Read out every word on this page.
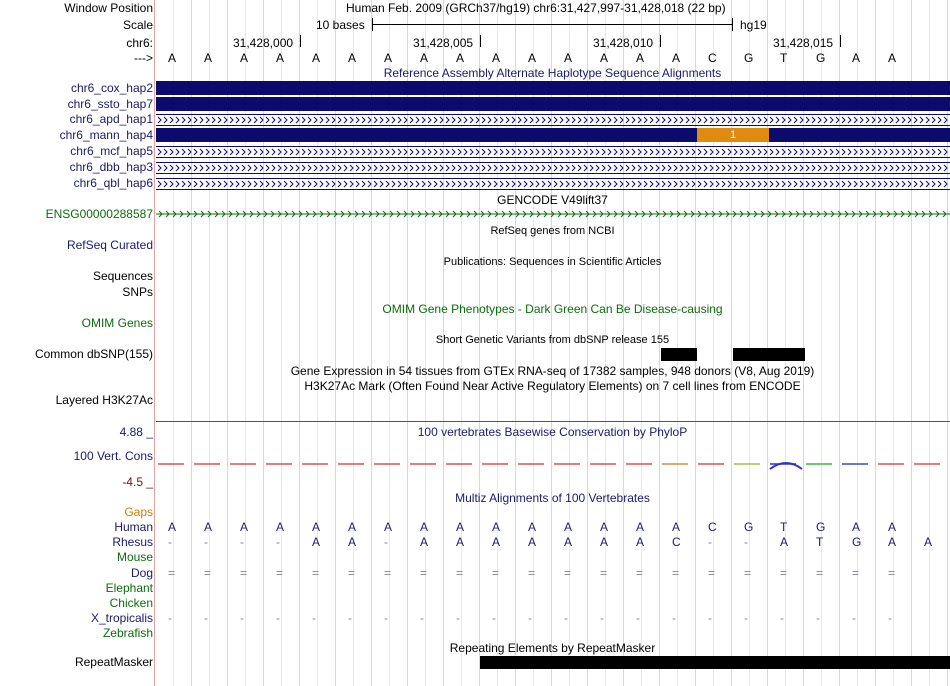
Window Position	Human Feb. 2009 (GRCh37/hg19) chr6:31,427,997-31,428,018 (22 bp)
Scale	10 bases	hg19
chr6:	31,428,000	31,428,005	31,428,010	31,428,015
---> A A A A A A A A A A A A A A A C G T G A A
Reference Assembly Alternate Haplotype Sequence Alignments
chr6_cox_hap2
chr6_ssto_hap7
chr6_apd_hap1
chr6_mann_hap4	1
chr6_mcf_hap5
chr6_dbb_hap3
chr6_qbl_hap6
GENCODE V49lift37
ENSG00000288587
RefSeq genes from NCBI
RefSeq Curated
Publications: Sequences in Scientific Articles
Sequences
SNPs
OMIM Gene Phenotypes - Dark Green Can Be Disease-causing
OMIM Genes
Short Genetic Variants from dbSNP release 155
Common dbSNP(155)
Gene Expression in 54 tissues from GTEx RNA-seq of 17382 samples, 948 donors (V8, Aug 2019)
H3K27Ac Mark (Often Found Near Active Regulatory Elements) on 7 cell lines from ENCODE
Layered H3K27Ac
4.88 _	100 vertebrates Basewise Conservation by PhyloP
100 Vert. Cons
-4.5 _
Multiz Alignments of 100 Vertebrates
Gaps
Human A A A A A A A A A A A A A A A C G T G A A
Rhesus -	-	-	-	A A -	A A A A A A A C -	-	A T G A A
Mouse
Dog = = = = = = = = = = = = = = = = = = = = =
Elephant
Chicken
X_tropicalis -	-	-	-	-	-	-	-	-	-	-	-	-	-	-	-	-	-	-	-	-
Zebrafish
Repeating Elements by RepeatMasker
RepeatMasker
